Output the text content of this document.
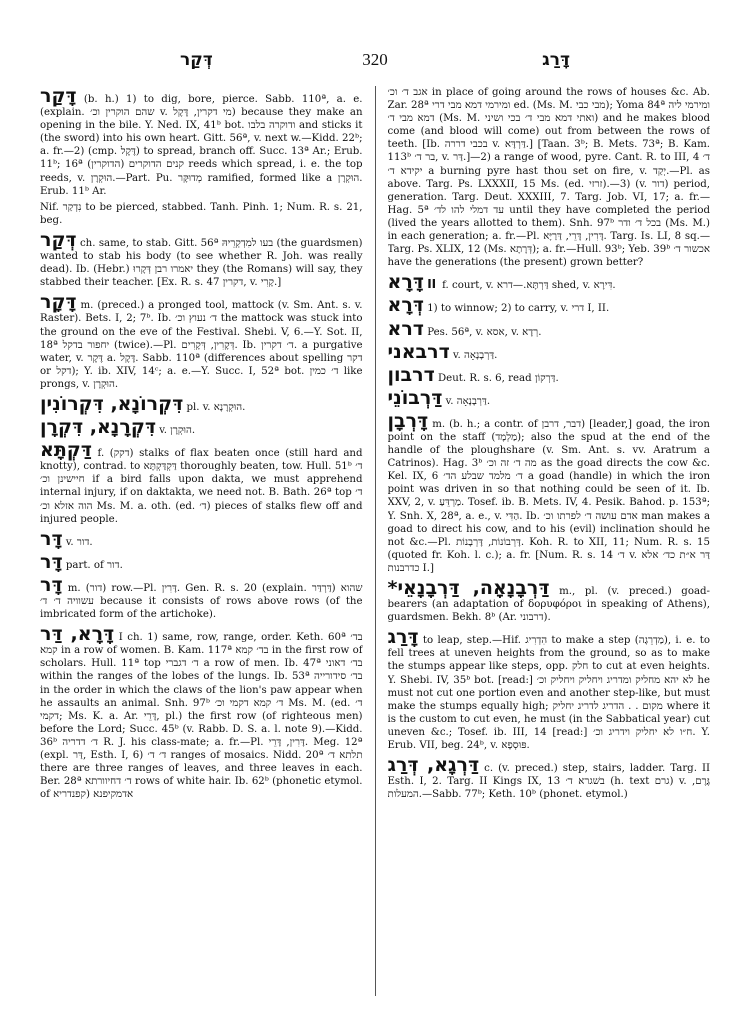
דְּקַר	320	דָּרַג

דָּקַר (b. h.) 1) to dig, bore, pierce. Sabb. 110ª, a. e. (explain. שהם הוקרין וכ׳ v. מי דקרין, דֶּקֶל) because they make an opening in the bile. Y. Ned. IX, 41ᵇ bot. ודוקרה בלבו and sticks it (the sword) into his own heart. Gitt. 56ª, v. next w.—Kidd. 22ᵇ; a. fr.—2) (cmp. דֶּקֶל) to spread, branch off. Succ. 13ª Ar.; Erub. 11ᵇ; 16ª קנים הדוקרים (הדוקרין) reeds which spread, i. e. the top reeds, v. הוּקְרָן.—Part. Pu. מְדוּקָּר ramified, formed like a הוּקְרָן. Erub. 11ᵇ Ar.

Nif. נִדְקַר to be pierced, stabbed. Tanh. Pinh. 1; Num. R. s. 21, beg.

דְּקַר ch. same, to stab. Gitt. 56ª בעו למִדְקְרֵיהּ (the guardsmen) wanted to stab his body (to see whether R. Joh. was really dead). Ib. (Hebr.) יאמרו רבן דְּקָרוּ they (the Romans) will say, they stabbed their teacher. [Ex. R. s. 47 דקרין, v. קָרִי.]

דָּקָר m. (preced.) a pronged tool, mattock (v. Sm. Ant. s. v. Raster). Bets. I, 2; 7ᵇ. Ib. ד׳ נעוץ וכ׳ the mattock was stuck into the ground on the eve of the Festival. Shebi. V, 6.—Y. Sot. II, 18ª יחפור בדקל (twice).—Pl. דְּקָרִין, דְּקָרִים. Ib. ד׳ דקרין. a purgative water, v. דֶּקֶר a. דֶּקֶל. Sabb. 110ª (differences about spelling דקר or דקל); Y. ib. XIV, 14ᶜ; a. e.—Y. Succ. I, 52ª bot. ד׳ כמין like prongs, v. הוּקְרָן.

דִּקְרוֹנָא, דִּקְרוֹנִין pl. v. הוּקְרָנָא.

דִּקְרָנָא, דִּקְרָן v. הוּקְרָן.

דַּקְתָּא f. (דקק) stalks of flax beaten once (still hard and knotty), contrad. to דַּקְדַּקְתָּא thoroughly beaten, tow. Hull. 51ᵇ ד׳ חיישינן וכ׳ if a bird falls upon dakta, we must apprehend internal injury, if on daktakta, we need not. B. Bath. 26ª top ד׳ הוה אזלא וכ׳ Ms. M. a. oth. (ed. ד׳) pieces of stalks flew off and injured people.

דָּר v. דור.

דָּר part. of דור.

דָּר m. (דור) row.—Pl. דָּרִין. Gen. R. s. 20 (explain. דַּרְדַּר) שהוא עשוויה ד׳ ד׳ because it consists of rows above rows (of the imbricated form of the artichoke).

דָּרָא, דַּר I ch. 1) same, row, range, order. Keth. 60ª בד׳ קמא in a row of women. B. Kam. 117ª בד׳ קמא in the first row of scholars. Hull. 11ª top ד׳ דגברי a row of men. Ib. 47ª בד׳ דאוני within the ranges of the lobes of the lungs. Ib. 53ª בד׳ סידורייה in the order in which the claws of the lion's paw appear when he assaults an animal. Snh. 97ᵇ ד׳ קמא דקמי וכ׳ Ms. M. (ed. ד׳ דקמי; Ms. K. a. Ar. דָּרֵי, pl.) the first row (of righteous men) before the Lord; Succ. 45ᵇ (v. Rabb. D. S. a. l. note 9).—Kidd. 36ᵇ ד׳ דדריה R. J. his class-mate; a. fr.—Pl. דָּרִין, דָּרֵי. Meg. 12ª (expl. דַּר, Esth. I, 6) ד׳ ד׳ ranges of mosaics. Nidd. 20ª תלתא ד׳ there are three ranges of leaves, and three leaves in each. Ber. 28ª ד׳ דחיוורתא rows of white hair. Ib. 62ᵇ (phonetic etymol. of אדמקיפנא (קפנדריא

אגב ד׳ וכ׳ in place of going around the rows of houses &c. Ab. Zar. 28ª ומירמי דמא מבי דרי ed. (Ms. M. מבי כבי); Yoma 84ª ומירמי ליה דמא מבי ד׳ (Ms. M. ואתי דמא מבי ד׳ בכי ושיני) and he makes blood come (and blood will come) out from between the rows of teeth. [Ib. בכבי דררה v. דַּרְדָּא.] [Taan. 3ᵇ; B. Mets. 73ª; B. Kam. 113ᵇ בר ד׳, v. דַּר.]—2) a range of wood, pyre. Cant. R. to III, 4 ד׳ יקידא ד׳ a burning pyre hast thou set on fire, v. יְקַד.—Pl. as above. Targ. Ps. LXXXII, 15 Ms. (ed. זרזי).—3) (v. דור) period, generation. Targ. Deut. XXXIII, 7. Targ. Job. VI, 17; a. fr.—Hag. 5ª עד דמלי להו לד׳ until they have completed the period (lived the years allotted to them). Snh. 97ᵇ בכל ד׳ ודר (Ms. M.) in each generation; a. fr.—Pl. דָּרִין, דָּרֵי, דַּרַיָּא. Targ. Is. LI, 8 sq.—Targ. Ps. XLIX, 12 (Ms. דְּרָתָא); a. fr.—Hull. 93ᵇ; Yeb. 39ᵇ אכשור ד׳ have the generations (the present) grown better?

דָּרָא II f. court, v. דַּרְתָּא.—דרא shed, v. דִּירָא.

דְּרָא 1) to winnow; 2) to carry, v. דרי I, II.

דרא Pes. 56ª, v. אסא, v. רְדָא.

דרבאני v. דַּרְבָנָאָה.

דרבון Deut. R. s. 6, read דַּרְקוֹן.

דַּרְבוֹנֵי v. דַּרְבָנָאָה.

דָּרְבָן m. (b. h.; a contr. of דבר, דרבן) [leader,] goad, the iron point on the staff (מַלְמָד); also the spud at the end of the handle of the ploughshare (v. Sm. Ant. s. vv. Aratrum a Catrinos). Hag. 3ᵇ מה ד׳ זה וכ׳ as the goad directs the cow &c. Kel. IX, 6 ד׳ מלמד שבלע הד׳ a goad (handle) in which the iron point was driven in so that nothing could be seen of it. Ib. XXV, 2, v. מַרְדֵּעַ. Tosef. ib. B. Mets. IV, 4. Pesik. Bahod. p. 153ª; Y. Snh. X, 28ª, a. e., v. הַדִּי. Ib. אדם עושה ד׳ לפרתו וכ׳ man makes a goad to direct his cow, and to his (evil) inclination should he not &c.—Pl. דָּרְבוֹנוֹת, דָּרְבָנוֹת. Koh. R. to XII, 11; Num. R. s. 15 (quoted fr. Koh. l. c.); a. fr. [Num. R. s. 14 ד׳ v. דַּר א״ת כד׳ אלא כדרבנות I.]

*דַּרְבָנָאָה, דַּרְבָנָאֵי m., pl. (v. preced.) goad-bearers (an adaptation of δορυφόροι in speaking of Athens), guardsmen. Bekh. 8ᵇ (Ar. דרבוני).

דָּרַג to leap, step.—Hif. הִדְרִיג to make a step (מַדְרֵגָה), i. e. to fell trees at uneven heights from the ground, so as to make the stumps appear like steps, opp. חלק to cut at even heights. Y. Shebi. IV, 35ᵇ bot. [read:] לא יהא מחליק ומדריג ויחליק ויחליק וכ׳ he must not cut one portion even and another step-like, but must make the stumps equally high; מקום . . הדריג לדריג יחליק where it is the custom to cut even, he must (in the Sabbatical year) cut uneven &c.; Tosef. ib. III, 14 [read:] ח״ו לא יחליק וידריג וכ׳. Y. Erub. VII, beg. 24ᵇ, v. פּוּסְפָא.

דַּרְגָא, דְּרַג c. (v. preced.) step, stairs, ladder. Targ. II Esth. I, 2. Targ. II Kings IX, 13 בשׁגרא ד׳ (h. text גרם) v. גֶּרֶם, המעלות.—Sabb. 77ᵇ; Keth. 10ᵇ (phonet. etymol.)
